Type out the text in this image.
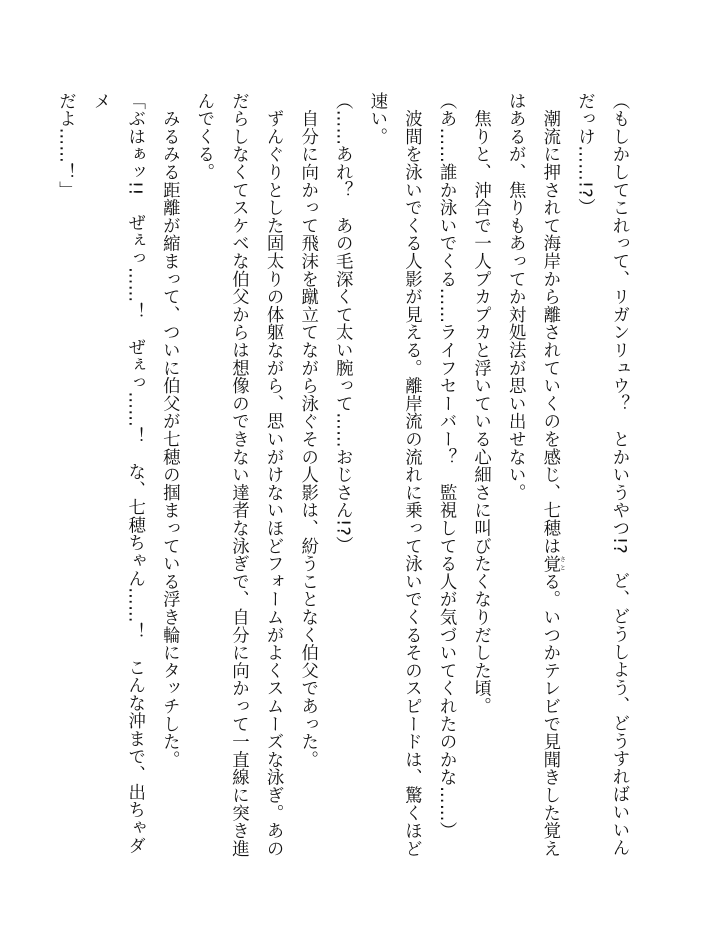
（もしかしてこれって、リガンリュウ？　とかいうやつ!?　ど、どうしよう、どうすればいいん

だっけ……!?）

　潮流に押されて海岸から離されていくのを感じ、七穂は覚さとる。いつかテレビで見聞きした覚え

はあるが、焦りもあってか対処法が思い出せない。

　焦りと、沖合で一人プカプカと浮いている心細さに叫びたくなりだした頃。

（あ……誰か泳いでくる……ライフセーバー？　監視してる人が気づいてくれたのかな……）

　波間を泳いでくる人影が見える。離岸流の流れに乗って泳いでくるそのスピードは、驚くほど

速い。

（……あれ？　あの毛深くて太い腕って……おじさん!?）

　自分に向かって飛沫を蹴立てながら泳ぐその人影は、紛うことなく伯父であった。

　ずんぐりとした固太りの体躯ながら、思いがけないほどフォームがよくスムーズな泳ぎ。あの

だらしなくてスケベな伯父からは想像のできない達者な泳ぎで、自分に向かって一直線に突き進

んでくる。

　みるみる距離が縮まって、ついに伯父が七穂の掴まっている浮き輪にタッチした。

「ぶはぁッ!!　ぜぇっ……！　ぜぇっ……！　な、七穂ちゃん……！　こんな沖まで、出ちゃダメ

だよ……！」
